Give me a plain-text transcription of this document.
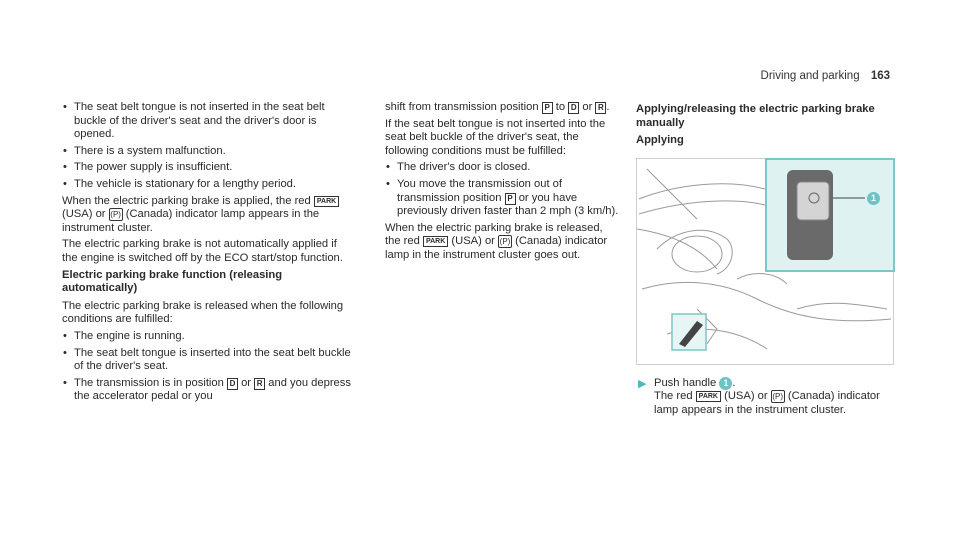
Driving and parking 163
• The seat belt tongue is not inserted in the seat belt buckle of the driver's seat and the driver's door is opened.
• There is a system malfunction.
• The power supply is insufficient.
• The vehicle is stationary for a lengthy period.

When the electric parking brake is applied, the red PARK (USA) or (P) (Canada) indicator lamp appears in the instrument cluster.

The electric parking brake is not automatically applied if the engine is switched off by the ECO start/stop function.

Electric parking brake function (releasing automatically)

The electric parking brake is released when the following conditions are fulfilled:

• The engine is running.
• The seat belt tongue is inserted into the seat belt buckle of the driver's seat.
• The transmission is in position D or R and you depress the accelerator pedal or you

shift from transmission position P to D or R .

If the seat belt tongue is not inserted into the seat belt buckle of the driver's seat, the following conditions must be fulfilled:

• The driver's door is closed.
• You move the transmission out of transmission position P or you have previously driven faster than 2 mph (3 km/h).

When the electric parking brake is released, the red PARK (USA) or (P) (Canada) indicator lamp in the instrument cluster goes out.

Applying/releasing the electric parking brake manually
Applying
1
▶ Push handle 1 .
The red PARK (USA) or (P) (Canada) indicator lamp appears in the instrument cluster.
